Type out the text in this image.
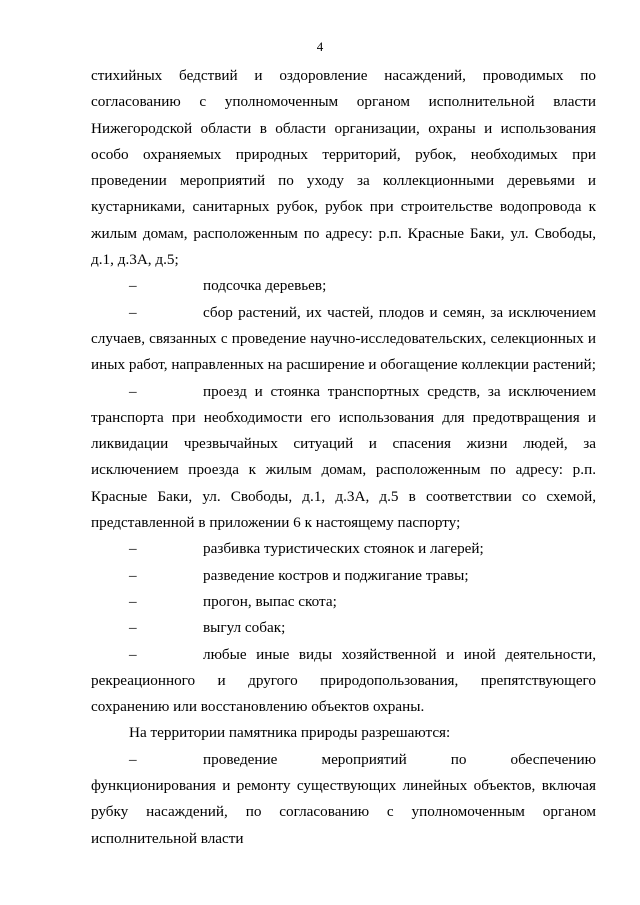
4

стихийных бедствий и оздоровление насаждений, проводимых по согласованию с уполномоченным органом исполнительной власти Нижегородской области в области организации, охраны и использования особо охраняемых природных территорий, рубок, необходимых при проведении мероприятий по уходу за коллекционными деревьями и кустарниками, санитарных рубок, рубок при строительстве водопровода к жилым домам, расположенным по адресу: р.п. Красные Баки, ул. Свободы, д.1, д.3А, д.5;

–	подсочка деревьев;

–	сбор растений, их частей, плодов и семян, за исключением случаев, связанных с проведение научно-исследовательских, селекционных и иных работ, направленных на расширение и обогащение коллекции растений;

–	проезд и стоянка транспортных средств, за исключением транспорта при необходимости его использования для предотвращения и ликвидации чрезвычайных ситуаций и спасения жизни людей, за исключением проезда к жилым домам, расположенным по адресу: р.п. Красные Баки, ул. Свободы, д.1, д.3А, д.5 в соответствии со схемой, представленной в приложении 6 к настоящему паспорту;

–	разбивка туристических стоянок и лагерей;

–	разведение костров и поджигание травы;

–	прогон, выпас скота;

–	выгул собак;

–	любые иные виды хозяйственной и иной деятельности, рекреационного и другого природопользования, препятствующего сохранению или восстановлению объектов охраны.

На территории памятника природы разрешаются:

–	проведение мероприятий по обеспечению функционирования и ремонту существующих линейных объектов, включая рубку насаждений, по согласованию с уполномоченным органом исполнительной власти
